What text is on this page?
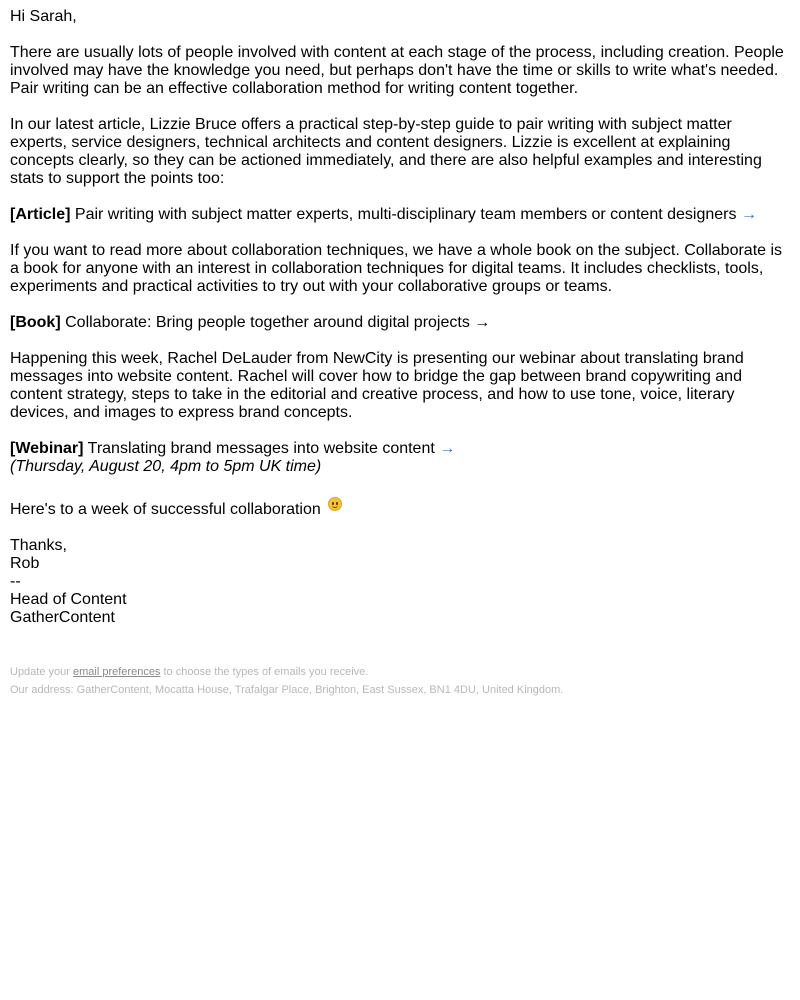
Hi Sarah,

There are usually lots of people involved with content at each stage of the process, including creation. People involved may have the knowledge you need, but perhaps don't have the time or skills to write what's needed. Pair writing can be an effective collaboration method for writing content together.

In our latest article, Lizzie Bruce offers a practical step-by-step guide to pair writing with subject matter experts, service designers, technical architects and content designers. Lizzie is excellent at explaining concepts clearly, so they can be actioned immediately, and there are also helpful examples and interesting stats to support the points too:

[Article] Pair writing with subject matter experts, multi-disciplinary team members or content designers →

If you want to read more about collaboration techniques, we have a whole book on the subject. Collaborate is a book for anyone with an interest in collaboration techniques for digital teams. It includes checklists, tools, experiments and practical activities to try out with your collaborative groups or teams.

[Book] Collaborate: Bring people together around digital projects →

Happening this week, Rachel DeLauder from NewCity is presenting our webinar about translating brand messages into website content. Rachel will cover how to bridge the gap between brand copywriting and content strategy, steps to take in the editorial and creative process, and how to use tone, voice, literary devices, and images to express brand concepts.

[Webinar] Translating brand messages into website content →

(Thursday, August 20, 4pm to 5pm UK time)

Here's to a week of successful collaboration

Thanks,

Rob

--

Head of Content

GatherContent

Update your email preferences to choose the types of emails you receive.
Our address: GatherContent, Mocatta House, Trafalgar Place, Brighton, East Sussex, BN1 4DU, United Kingdom.
